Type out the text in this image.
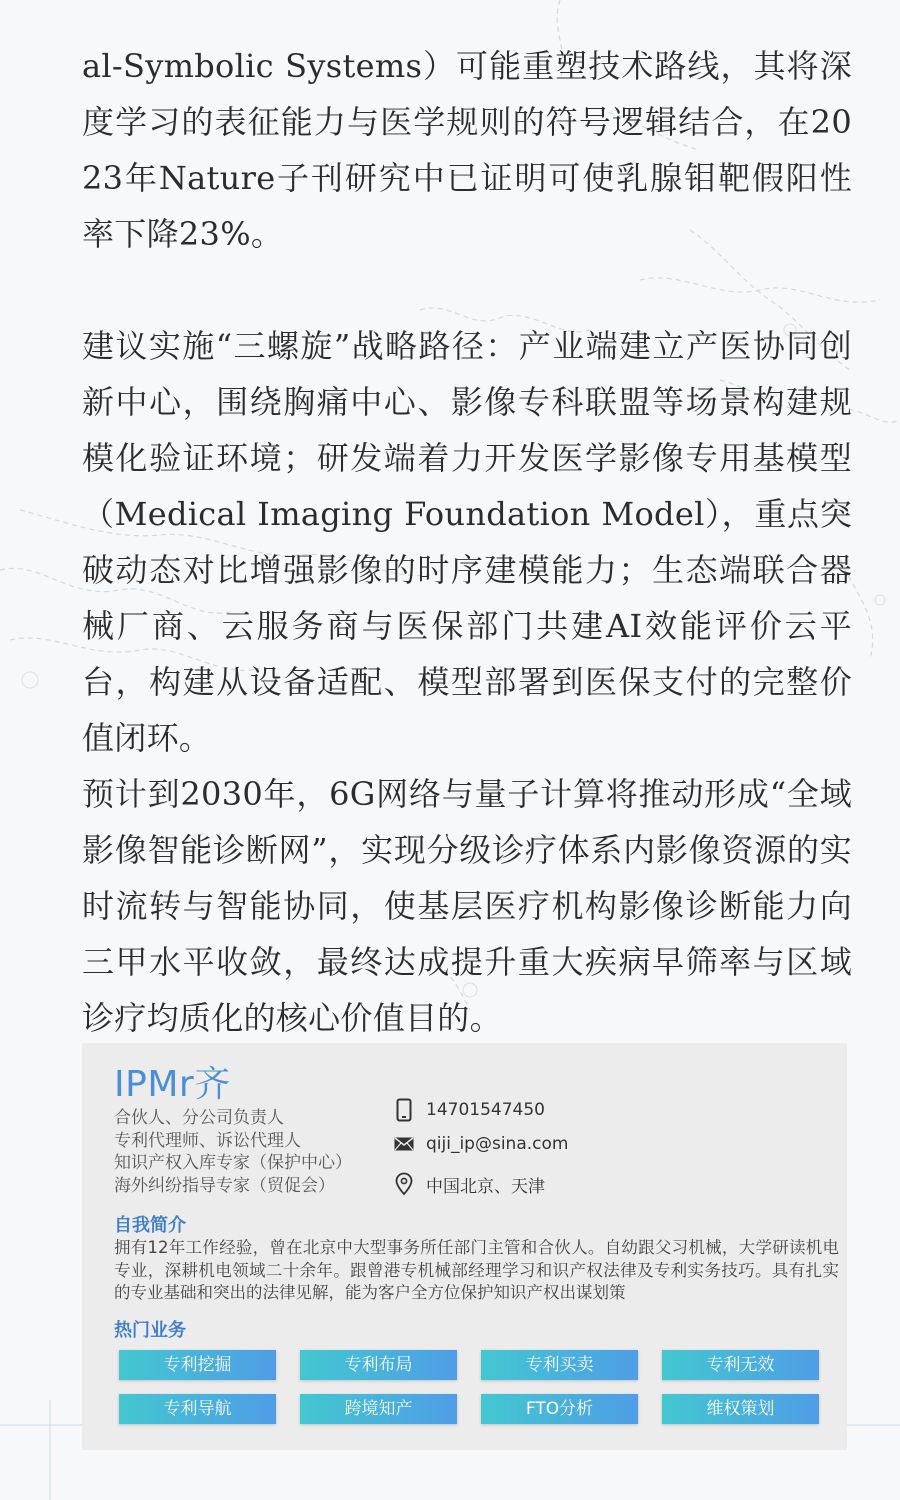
al-Symbolic Systems）可能重塑技术路线，其将深度学习的表征能力与医学规则的符号逻辑结合，在2023年Nature子刊研究中已证明可使乳腺钼靶假阳性率下降23%。

建议实施“三螺旋”战略路径：产业端建立产医协同创新中心，围绕胸痛中心、影像专科联盟等场景构建规模化验证环境；研发端着力开发医学影像专用基模型（Medical Imaging Foundation Model），重点突破动态对比增强影像的时序建模能力；生态端联合器械厂商、云服务商与医保部门共建AI效能评价云平台，构建从设备适配、模型部署到医保支付的完整价值闭环。

预计到2030年，6G网络与量子计算将推动形成“全域影像智能诊断网”，实现分级诊疗体系内影像资源的实时流转与智能协同，使基层医疗机构影像诊断能力向三甲水平收敛，最终达成提升重大疾病早筛率与区域诊疗均质化的核心价值目的。

IPMr齐
合伙人、分公司负责人
专利代理师、诉讼代理人
知识产权入库专家（保护中心）
海外纠纷指导专家（贸促会）
14701547450
qiji_ip@sina.com
中国北京、天津
自我简介
拥有12年工作经验，曾在北京中大型事务所任部门主管和合伙人。自幼跟父习机械，大学研读机电专业，深耕机电领域二十余年。跟曾港专机械部经理学习和识产权法律及专利实务技巧。具有扎实的专业基础和突出的法律见解，能为客户全方位保护知识产权出谋划策
热门业务
专利挖掘	专利布局	专利买卖	专利无效
专利导航	跨境知产	FTO分析	维权策划
